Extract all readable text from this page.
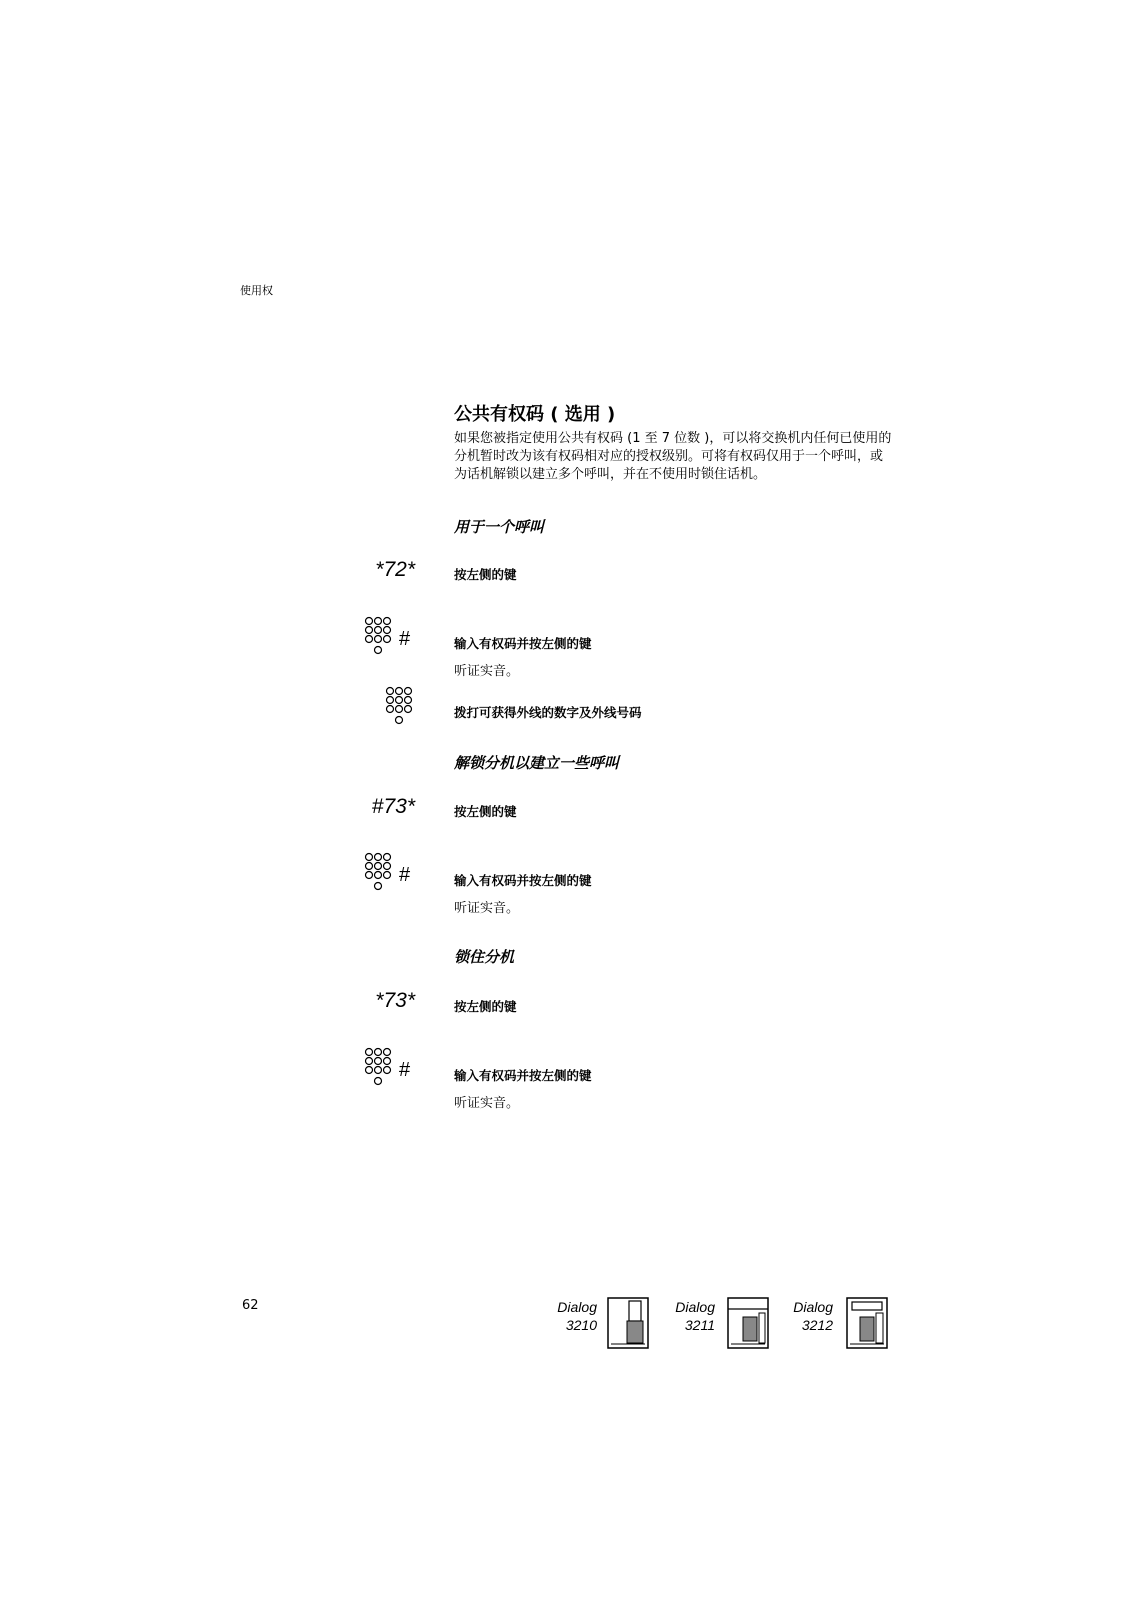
使用权
公共有权码 ( 选用 )
如果您被指定使用公共有权码 (1 至 7 位数 )，可以将交换机内任何已使用的分机暂时改为该有权码相对应的授权级别。可将有权码仅用于一个呼叫，或为话机解锁以建立多个呼叫，并在不使用时锁住话机。
用于一个呼叫
*72*	按左侧的键
#	输入有权码并按左侧的键
听证实音。
拨打可获得外线的数字及外线号码
解锁分机以建立一些呼叫
#73*	按左侧的键
#	输入有权码并按左侧的键
听证实音。
锁住分机
*73*	按左侧的键
#	输入有权码并按左侧的键
听证实音。
62	Dialog
3210
Dialog
3211
Dialog
3212
